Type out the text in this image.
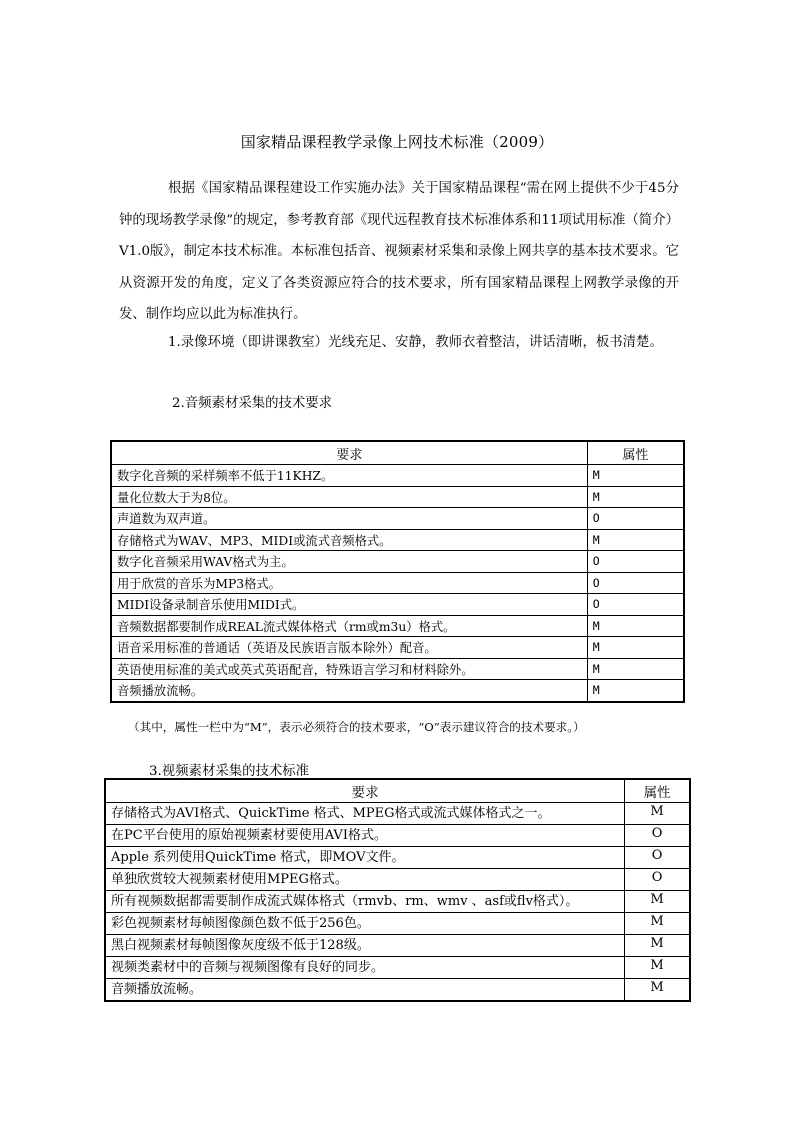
国家精品课程教学录像上网技术标准（2009）

根据《国家精品课程建设工作实施办法》关于国家精品课程“需在网上提供不少于45分钟的现场教学录像”的规定，参考教育部《现代远程教育技术标准体系和11项试用标准（简介）V1.0版》，制定本技术标准。本标准包括音、视频素材采集和录像上网共享的基本技术要求。它从资源开发的角度，定义了各类资源应符合的技术要求，所有国家精品课程上网教学录像的开发、制作均应以此为标准执行。

1.录像环境（即讲课教室）光线充足、安静，教师衣着整洁，讲话清晰，板书清楚。

2.音频素材采集的技术要求
要求	属性
数字化音频的采样频率不低于11KHZ。	M
量化位数大于为8位。	M
声道数为双声道。	O
存储格式为WAV、MP3、MIDI或流式音频格式。	M
数字化音频采用WAV格式为主。	O
用于欣赏的音乐为MP3格式。	O
MIDI设备录制音乐使用MIDI式。	O
音频数据都要制作成REAL流式媒体格式（rm或m3u）格式。	M
语音采用标准的普通话（英语及民族语言版本除外）配音。	M
英语使用标准的美式或英式英语配音，特殊语言学习和材料除外。	M
音频播放流畅。	M
（其中，属性一栏中为“M”，表示必须符合的技术要求，“O”表示建议符合的技术要求。）
3.视频素材采集的技术标准
要求	属性
存储格式为AVI格式、QuickTime 格式、MPEG格式或流式媒体格式之一。	M
在PC平台使用的原始视频素材要使用AVI格式。	O
Apple 系列使用QuickTime 格式，即MOV文件。	O
单独欣赏较大视频素材使用MPEG格式。	O
所有视频数据都需要制作成流式媒体格式（rmvb、rm、wmv 、asf或flv格式）。	M
彩色视频素材每帧图像颜色数不低于256色。	M
黑白视频素材每帧图像灰度级不低于128级。	M
视频类素材中的音频与视频图像有良好的同步。	M
音频播放流畅。	M
